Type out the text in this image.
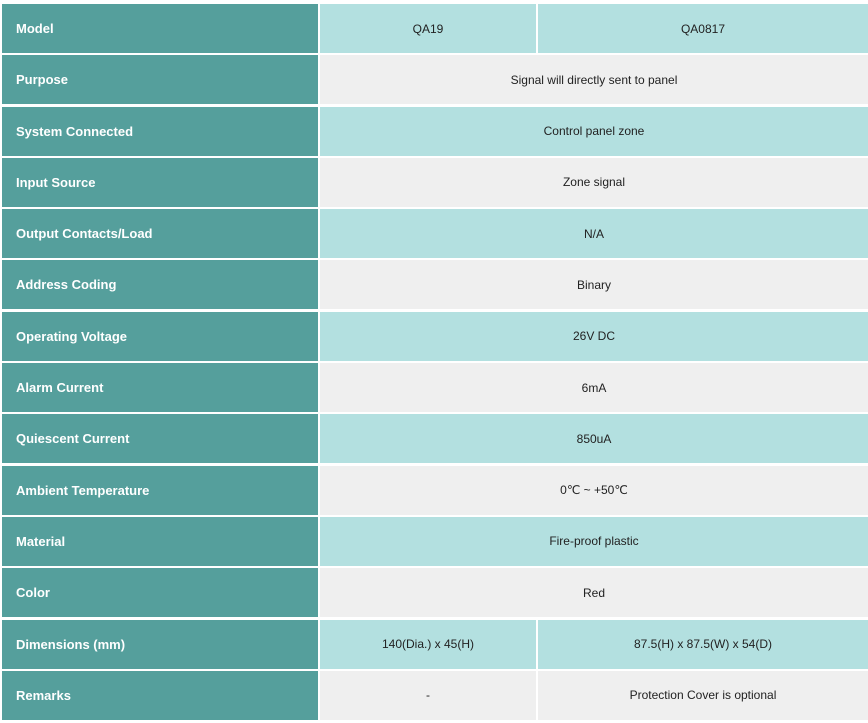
Model	QA19	QA0817
Purpose	Signal will directly sent to panel
System Connected	Control panel zone
Input Source	Zone signal
Output Contacts/Load	N/A
Address Coding	Binary
Operating Voltage	26V DC
Alarm Current	6mA
Quiescent Current	850uA
Ambient Temperature	0℃ ~ +50℃
Material	Fire-proof plastic
Color	Red
Dimensions (mm)	140(Dia.) x 45(H)	87.5(H) x 87.5(W) x 54(D)
Remarks	-	Protection Cover is optional
